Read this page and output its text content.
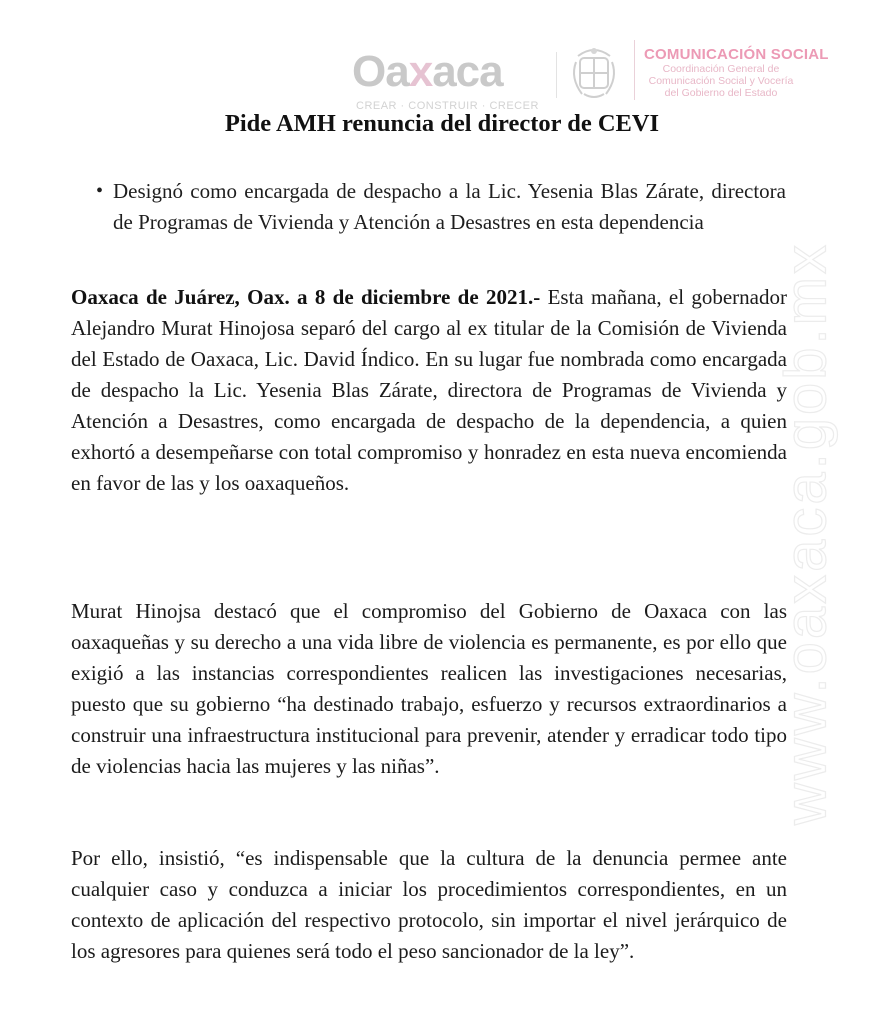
www.oaxaca.gob.mx
Oaxaca
CREAR · CONSTRUIR · CRECER
COMUNICACIÓN SOCIAL
Coordinación General de
Comunicación Social y Vocería
del Gobierno del Estado
Pide AMH renuncia del director de CEVI
• Designó como encargada de despacho a la Lic. Yesenia Blas Zárate, directora de Programas de Vivienda y Atención a Desastres en esta dependencia

Oaxaca de Juárez, Oax. a 8 de diciembre de 2021.- Esta mañana, el gobernador Alejandro Murat Hinojosa separó del cargo al ex titular de la Comisión de Vivienda del Estado de Oaxaca, Lic. David Índico. En su lugar fue nombrada como encargada de despacho la Lic. Yesenia Blas Zárate, directora de Programas de Vivienda y Atención a Desastres, como encargada de despacho de la dependencia, a quien exhortó a desempeñarse con total compromiso y honradez en esta nueva encomienda en favor de las y los oaxaqueños.

Murat Hinojsa destacó que el compromiso del Gobierno de Oaxaca con las oaxaqueñas y su derecho a una vida libre de violencia es permanente, es por ello que exigió a las instancias correspondientes realicen las investigaciones necesarias, puesto que su gobierno “ha destinado trabajo, esfuerzo y recursos extraordinarios a construir una infraestructura institucional para prevenir, atender y erradicar todo tipo de violencias hacia las mujeres y las niñas”.

Por ello, insistió, “es indispensable que la cultura de la denuncia permee ante cualquier caso y conduzca a iniciar los procedimientos correspondientes, en un contexto de aplicación del respectivo protocolo, sin importar el nivel jerárquico de los agresores para quienes será todo el peso sancionador de la ley”.
